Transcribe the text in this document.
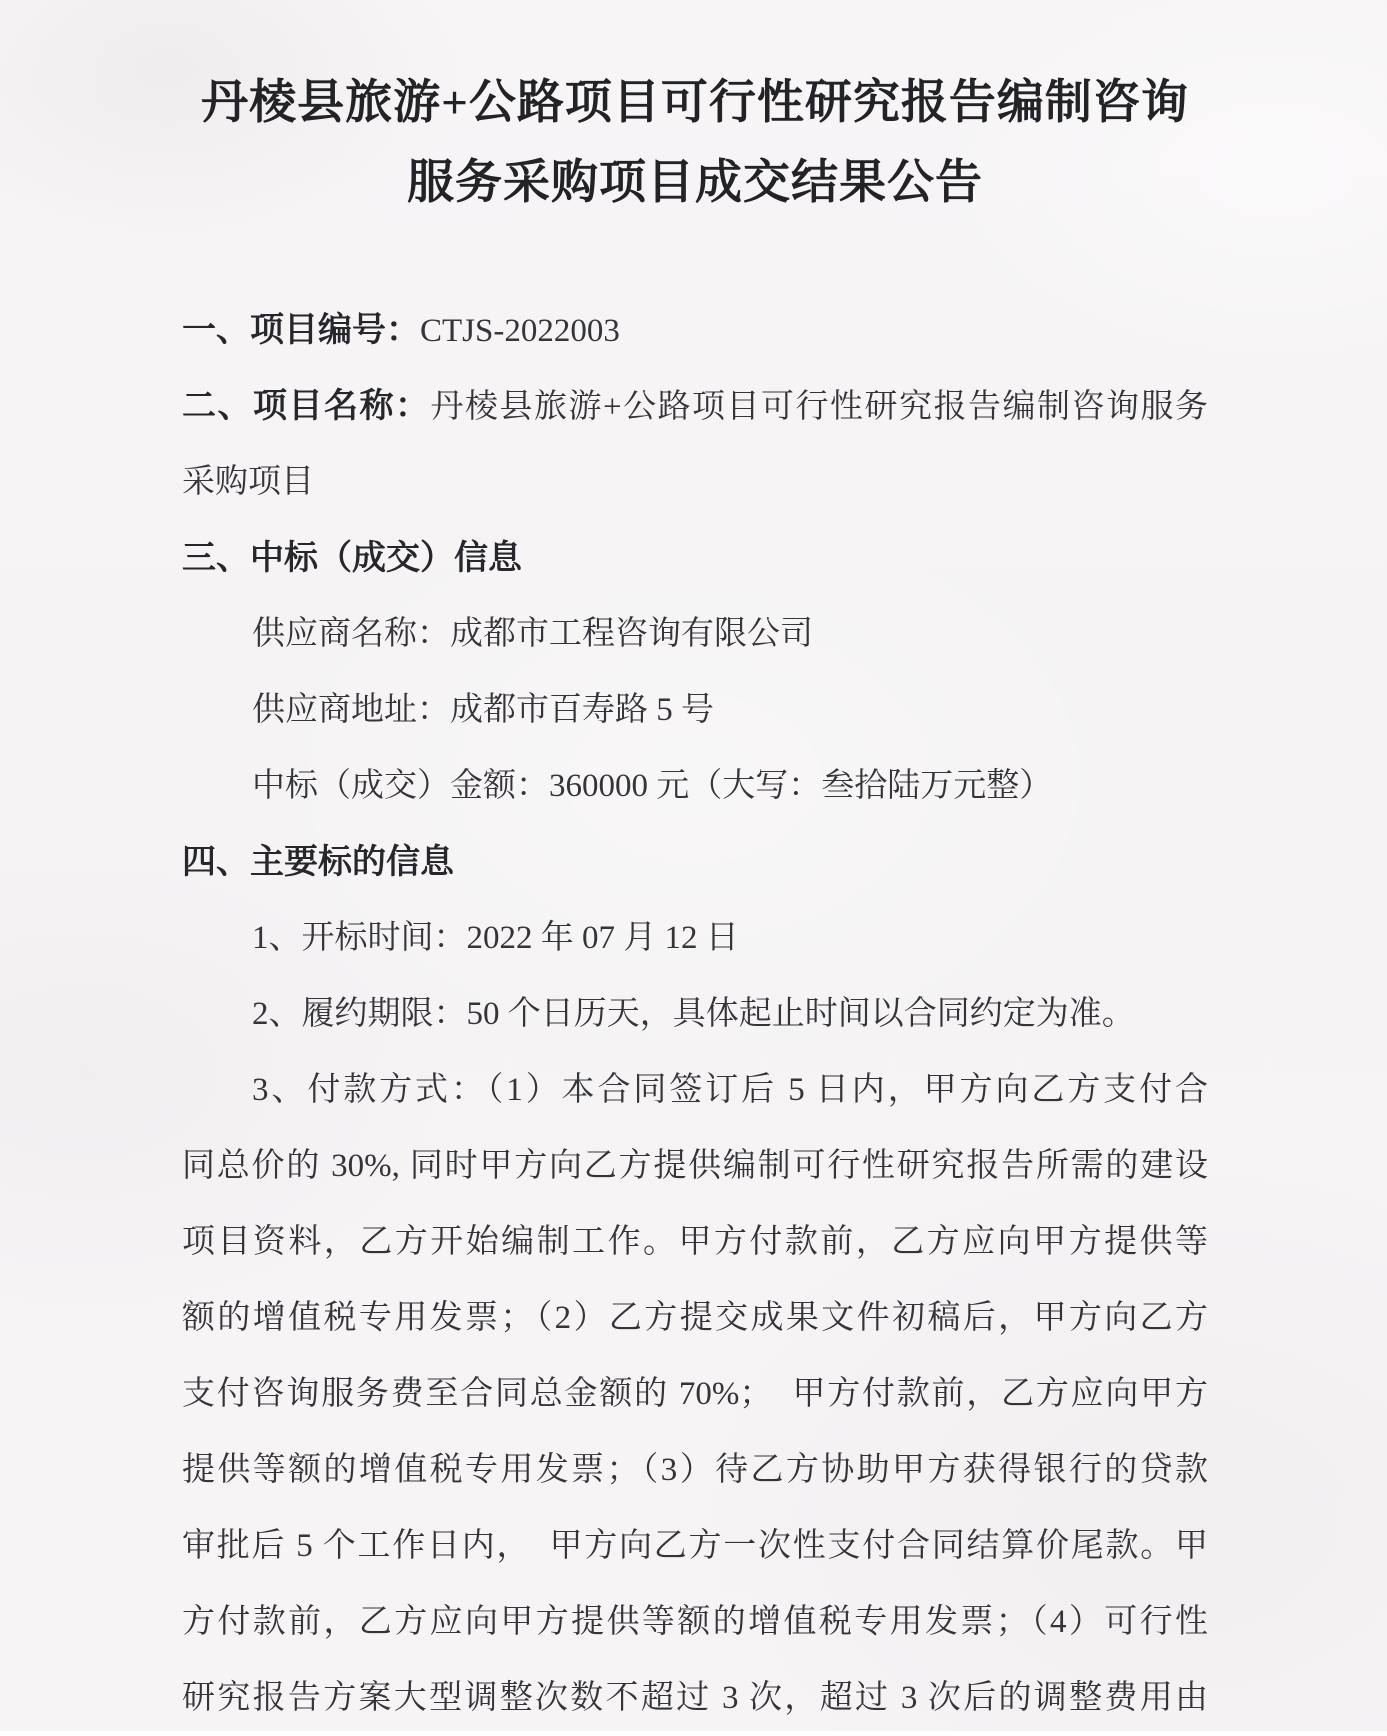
丹棱县旅游+公路项目可行性研究报告编制咨询
服务采购项目成交结果公告
一、项目编号：CTJS-2022003
二、项目名称：丹棱县旅游+公路项目可行性研究报告编制咨询服务
采购项目
三、中标（成交）信息
供应商名称：成都市工程咨询有限公司
供应商地址：成都市百寿路 5 号
中标（成交）金额：360000 元（大写：叁拾陆万元整）
四、主要标的信息
1、开标时间：2022 年 07 月 12 日
2、履约期限：50 个日历天，具体起止时间以合同约定为准。
3、付款方式：（1）本合同签订后 5 日内，甲方向乙方支付合
同总价的 30%, 同时甲方向乙方提供编制可行性研究报告所需的建设
项目资料，乙方开始编制工作。甲方付款前，乙方应向甲方提供等
额的增值税专用发票；（2）乙方提交成果文件初稿后，甲方向乙方
支付咨询服务费至合同总金额的 70%；　甲方付款前，乙方应向甲方
提供等额的增值税专用发票；（3）待乙方协助甲方获得银行的贷款
审批后 5 个工作日内，　甲方向乙方一次性支付合同结算价尾款。甲
方付款前，乙方应向甲方提供等额的增值税专用发票；（4）可行性
研究报告方案大型调整次数不超过 3 次，超过 3 次后的调整费用由
